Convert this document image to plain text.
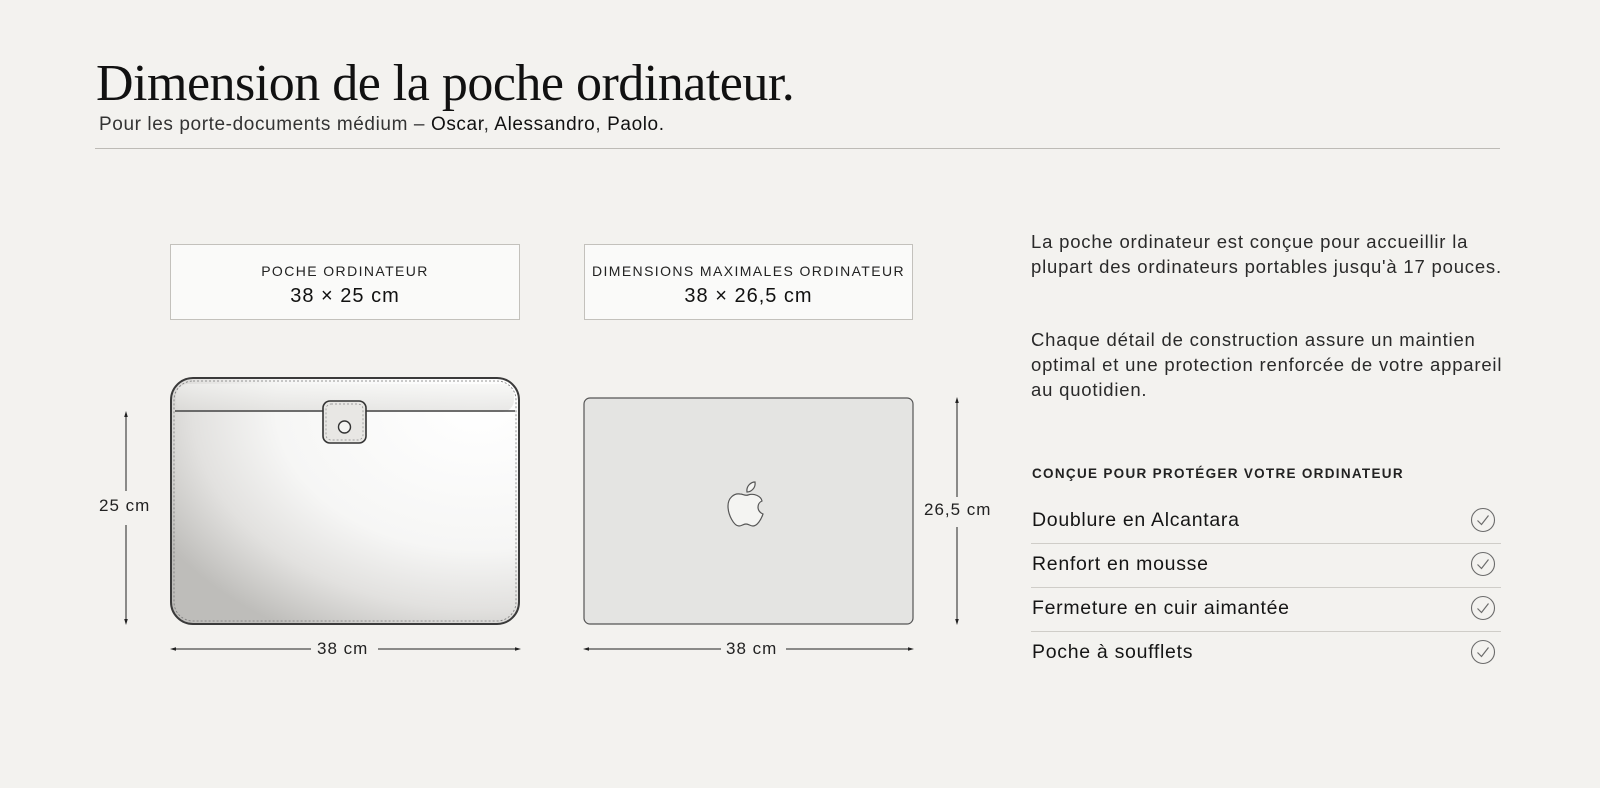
Dimension de la poche ordinateur.
Pour les porte-documents médium – Oscar, Alessandro, Paolo.
POCHE ORDINATEUR
38 × 25 cm
DIMENSIONS MAXIMALES ORDINATEUR
38 × 26,5 cm
25 cm
38 cm
26,5 cm
38 cm
La poche ordinateur est conçue pour accueillir la plupart des ordinateurs portables jusqu'à 17 pouces.
Chaque détail de construction assure un maintien optimal et une protection renforcée de votre appareil au quotidien.
CONÇUE POUR PROTÉGER VOTRE ORDINATEUR
Doublure en Alcantara
Renfort en mousse
Fermeture en cuir aimantée
Poche à soufflets
